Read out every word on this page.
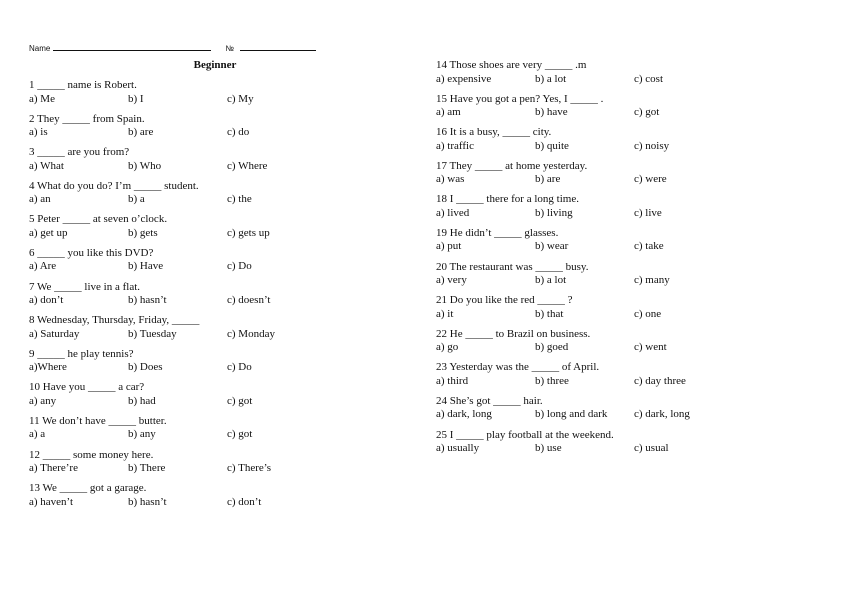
Name	№
Beginner
1 _____ name is Robert.
a) Me	b) I	c) My
2 They _____ from Spain.
a) is	b) are	c) do
3 _____ are you from?
a) What	b) Who	c) Where
4 What do you do? I’m _____ student.
a) an	b) a	c) the
5 Peter _____ at seven o’clock.
a) get up	b) gets	c) gets up
6 _____ you like this DVD?
a) Are	b) Have	c) Do
7 We _____ live in a flat.
a) don’t	b) hasn’t	c) doesn’t
8 Wednesday, Thursday, Friday, _____
a) Saturday	b) Tuesday	c) Monday
9 _____ he play tennis?
a)Where	b) Does	c) Do
10 Have you _____ a car?
a) any	b) had	c) got
11 We don’t have _____ butter.
a) a	b) any	c) got
12 _____ some money here.
a) There’re	b) There	c) There’s
13 We _____ got a garage.
a) haven’t	b) hasn’t	c) don’t
14 Those shoes are very _____ .m
a) expensive	b) a lot	c) cost
15 Have you got a pen? Yes, I _____ .
a) am	b) have	c) got
16 It is a busy, _____ city.
a) traffic	b) quite	c) noisy
17 They _____ at home yesterday.
a) was	b) are	c) were
18 I _____ there for a long time.
a) lived	b) living	c) live
19 He didn’t _____ glasses.
a) put	b) wear	c) take
20 The restaurant was _____ busy.
a) very	b) a lot	c) many
21 Do you like the red _____ ?
a) it	b) that	c) one
22 He _____ to Brazil on business.
a) go	b) goed	c) went
23 Yesterday was the _____ of April.
a) third	b) three	c) day three
24 She’s got _____ hair.
a) dark, long	b) long and dark c) dark, long
25 I _____ play football at the weekend.
a) usually	b) use	c) usual
